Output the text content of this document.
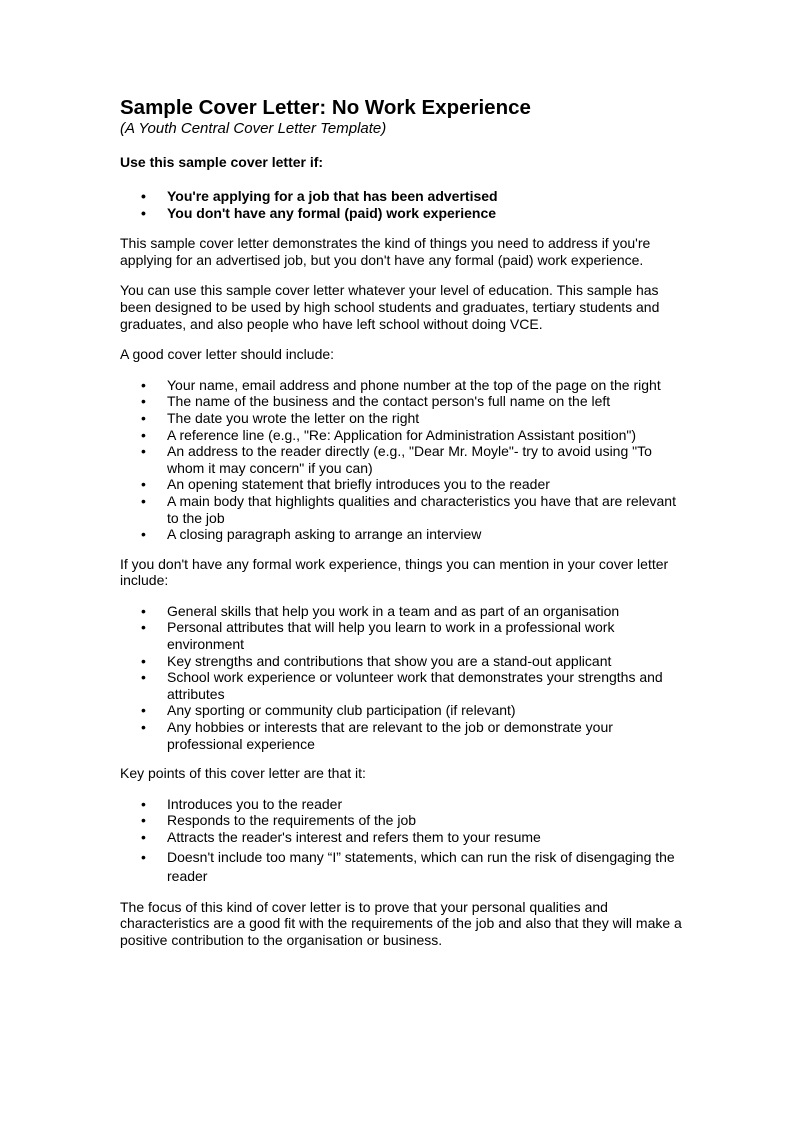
Sample Cover Letter: No Work Experience
(A Youth Central Cover Letter Template)
Use this sample cover letter if:
• You're applying for a job that has been advertised
• You don't have any formal (paid) work experience

This sample cover letter demonstrates the kind of things you need to address if you're applying for an advertised job, but you don't have any formal (paid) work experience.

You can use this sample cover letter whatever your level of education. This sample has been designed to be used by high school students and graduates, tertiary students and graduates, and also people who have left school without doing VCE.

A good cover letter should include:

• Your name, email address and phone number at the top of the page on the right
• The name of the business and the contact person's full name on the left
• The date you wrote the letter on the right
• A reference line (e.g., "Re: Application for Administration Assistant position")
• An address to the reader directly (e.g., "Dear Mr. Moyle"- try to avoid using "To whom it may concern" if you can)
• An opening statement that briefly introduces you to the reader
• A main body that highlights qualities and characteristics you have that are relevant to the job
• A closing paragraph asking to arrange an interview

If you don't have any formal work experience, things you can mention in your cover letter include:

• General skills that help you work in a team and as part of an organisation
• Personal attributes that will help you learn to work in a professional work environment
• Key strengths and contributions that show you are a stand-out applicant
• School work experience or volunteer work that demonstrates your strengths and attributes
• Any sporting or community club participation (if relevant)
• Any hobbies or interests that are relevant to the job or demonstrate your professional experience

Key points of this cover letter are that it:

• Introduces you to the reader
• Responds to the requirements of the job
• Attracts the reader's interest and refers them to your resume
• Doesn't include too many “I” statements, which can run the risk of disengaging the reader

The focus of this kind of cover letter is to prove that your personal qualities and characteristics are a good fit with the requirements of the job and also that they will make a positive contribution to the organisation or business.
